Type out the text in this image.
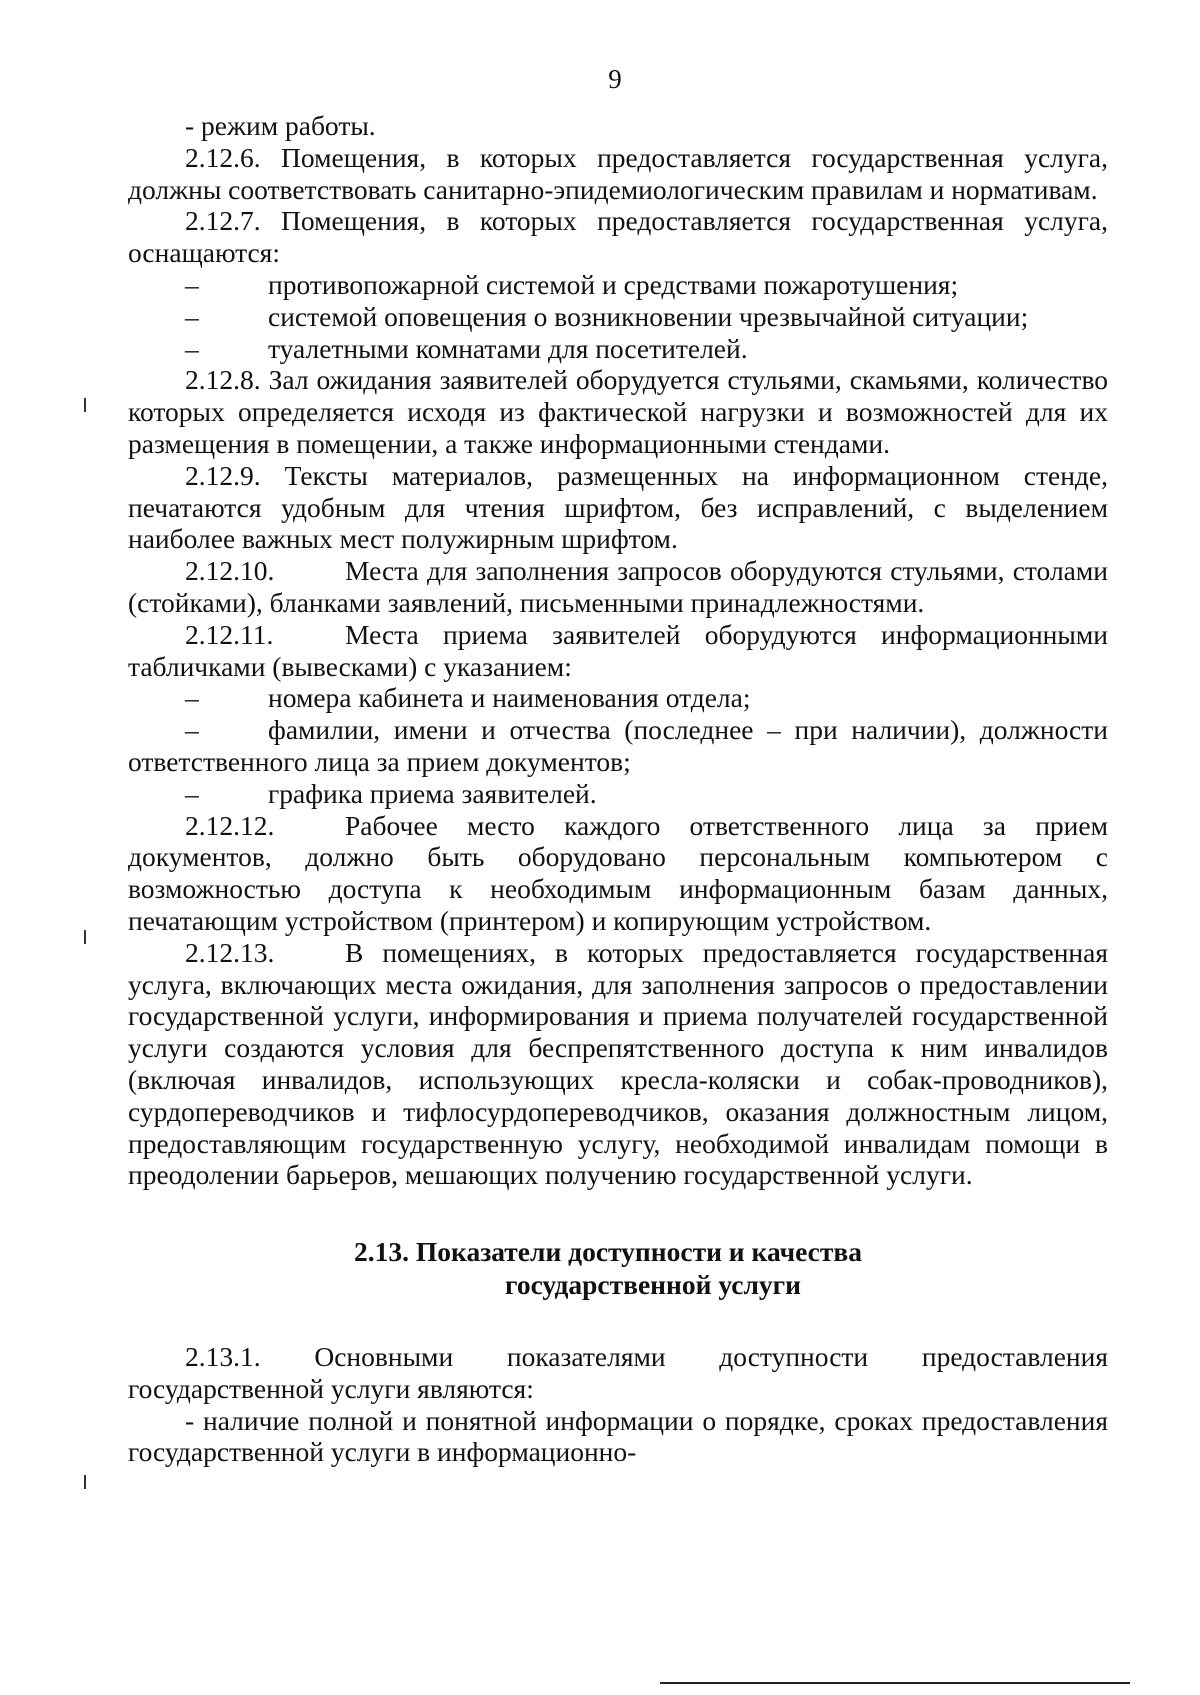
9

- режим работы.

2.12.6. Помещения, в которых предоставляется государственная услуга, должны соответствовать санитарно-эпидемиологическим правилам и нормативам.

2.12.7. Помещения, в которых предоставляется государственная услуга, оснащаются:

–	противопожарной системой и средствами пожаротушения;

–	системой оповещения о возникновении чрезвычайной ситуации;

–	туалетными комнатами для посетителей.

2.12.8. Зал ожидания заявителей оборудуется стульями, скамьями, количество которых определяется исходя из фактической нагрузки и возможностей для их размещения в помещении, а также информационными стендами.

2.12.9. Тексты материалов, размещенных на информационном стенде, печатаются удобным для чтения шрифтом, без исправлений, с выделением наиболее важных мест полужирным шрифтом.

2.12.10.	Места для заполнения запросов оборудуются стульями, столами (стойками), бланками заявлений, письменными принадлежностями.

2.12.11.	Места приема заявителей оборудуются информационными табличками (вывесками) с указанием:

–	номера кабинета и наименования отдела;

–	фамилии, имени и отчества (последнее – при наличии), должности ответственного лица за прием документов;

–	графика приема заявителей.

2.12.12.	Рабочее место каждого ответственного лица за прием документов, должно быть оборудовано персональным компьютером с возможностью доступа к необходимым информационным базам данных, печатающим устройством (принтером) и копирующим устройством.

2.12.13.	В помещениях, в которых предоставляется государственная услуга, включающих места ожидания, для заполнения запросов о предоставлении государственной услуги, информирования и приема получателей государственной услуги создаются условия для беспрепятственного доступа к ним инвалидов (включая инвалидов, использующих кресла-коляски и собак-проводников), сурдопереводчиков и тифлосурдопереводчиков, оказания должностным лицом, предоставляющим государственную услугу, необходимой инвалидам помощи в преодолении барьеров, мешающих получению государственной услуги.

2.13. Показатели доступности и качества
государственной услуги

2.13.1. Основными показателями доступности предоставления государственной услуги являются:

- наличие полной и понятной информации о порядке, сроках предоставления государственной услуги в информационно-
